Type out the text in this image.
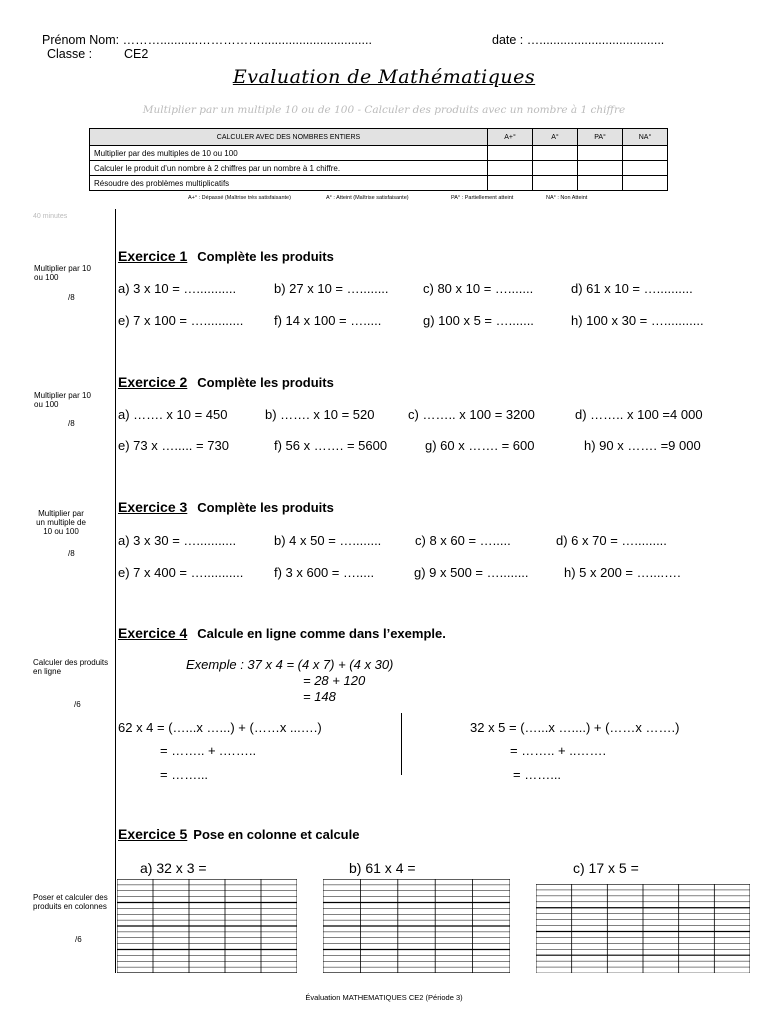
Prénom Nom: ………...........……………................................	date : …....................................
Classe :	CE2
Evaluation de Mathématiques
Multiplier par un multiple 10 ou de 100 - Calculer des produits avec un nombre à 1 chiffre
CALCULER AVEC DES NOMBRES ENTIERS	A+°	A°	PA°	NA°
Multiplier par des multiples de 10 ou 100				
Calculer le produit d’un nombre à 2 chiffres par un nombre à 1 chiffre.				
Résoudre des problèmes multiplicatifs				
A+° : Dépassé (Maîtrise très satisfaisante)	A° : Atteint (Maîtrise satisfaisante)	PA° : Partiellement atteint	NA° : Non Atteint
40 minutes
Multiplier par 10 ou 100
/8
Multiplier par 10 ou 100
/8
Multiplier par un multiple de 10 ou 100
/8
Calculer des produits en ligne
/6
Poser et calculer des produits en colonnes
/6
Exercice 1 Complète les produits
a) 3 x 10 = …...........	b) 27 x 10 = …........	c) 80 x 10 = ….......	d) 61 x 10 = …..........
e) 7 x 100 = …........... f) 14 x 100 = ….....	g) 100 x 5 = ….......	h) 100 x 30 = …...........
Exercice 2 Complète les produits
a) ……. x 10 = 450	b) ……. x 10 = 520	c) …….. x 100 = 3200	d) …….. x 100 =4 000
e) 73 x …..... = 730	f) 56 x ……. = 5600	g) 60 x ……. = 600	h) 90 x ……. =9 000
Exercice 3 Complète les produits
a) 3 x 30 = …...........	b) 4 x 50 = …........	c) 8 x 60 = ….....	d) 6 x 70 = ….........
e) 7 x 400 = …........... f) 3 x 600 = ….....	g) 9 x 500 = …........	h) 5 x 200 = …....….
Exercice 4 Calcule en ligne comme dans l’exemple.
Exemple : 37 x 4 = (4 x 7) + (4 x 30)
= 28 + 120
= 148
62 x 4 = (…...x …...) + (……x ...….)
= …….. + .……..
= ……...
32 x 5 = (…...x …....) + (……x …….)
= …….. + ..…….
= ……...
Exercice 5 Pose en colonne et calcule
a) 32 x 3 =	b) 61 x 4 =	c) 17 x 5 =
Évaluation MATHEMATIQUES CE2 (Période 3)
